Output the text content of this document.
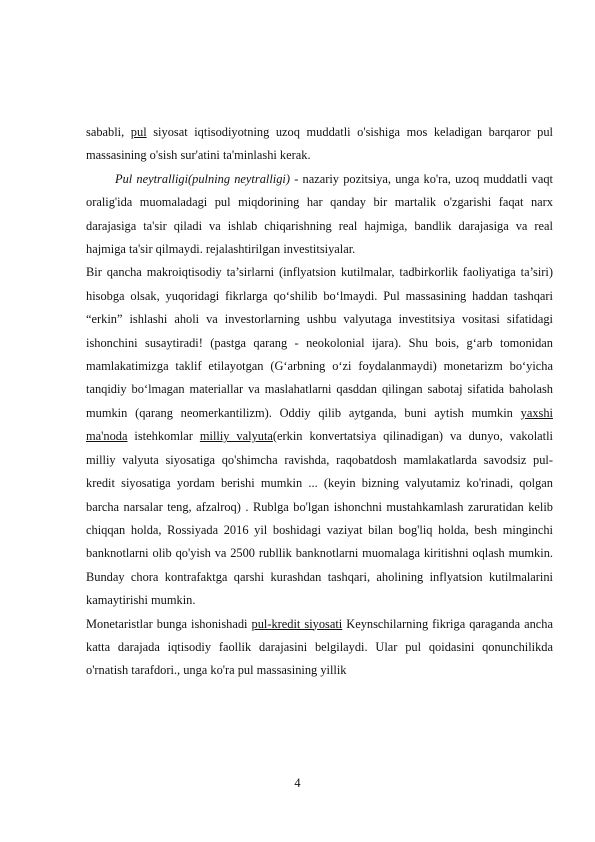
sababli, pul siyosat iqtisodiyotning uzoq muddatli o'sishiga mos keladigan barqaror pul massasining o'sish sur'atini ta'minlashi kerak.

Pul neytralligi(pulning neytralligi) - nazariy pozitsiya, unga ko'ra, uzoq muddatli vaqt oralig'ida muomaladagi pul miqdorining har qanday bir martalik o'zgarishi faqat narx darajasiga ta'sir qiladi va ishlab chiqarishning real hajmiga, bandlik darajasiga va real hajmiga ta'sir qilmaydi. rejalashtirilgan investitsiyalar.

Bir qancha makroiqtisodiy ta’sirlarni (inflyatsion kutilmalar, tadbirkorlik faoliyatiga ta’siri) hisobga olsak, yuqoridagi fikrlarga qo‘shilib bo‘lmaydi. Pul massasining haddan tashqari “erkin” ishlashi aholi va investorlarning ushbu valyutaga investitsiya vositasi sifatidagi ishonchini susaytiradi! (pastga qarang - neokolonial ijara). Shu bois, g‘arb tomonidan mamlakatimizga taklif etilayotgan (G‘arbning o‘zi foydalanmaydi) monetarizm bo‘yicha tanqidiy bo‘lmagan materiallar va maslahatlarni qasddan qilingan sabotaj sifatida baholash mumkin (qarang neomerkantilizm). Oddiy qilib aytganda, buni aytish mumkin yaxshi ma'noda istehkomlar milliy valyuta(erkin konvertatsiya qilinadigan) va dunyo, vakolatli milliy valyuta siyosatiga qo'shimcha ravishda, raqobatdosh mamlakatlarda savodsiz pul-kredit siyosatiga yordam berishi mumkin ... (keyin bizning valyutamiz ko'rinadi, qolgan barcha narsalar teng, afzalroq) . Rublga bo'lgan ishonchni mustahkamlash zaruratidan kelib chiqqan holda, Rossiyada 2016 yil boshidagi vaziyat bilan bog'liq holda, besh minginchi banknotlarni olib qo'yish va 2500 rubllik banknotlarni muomalaga kiritishni oqlash mumkin. Bunday chora kontrafaktga qarshi kurashdan tashqari, aholining inflyatsion kutilmalarini kamaytirishi mumkin.

Monetaristlar bunga ishonishadi pul-kredit siyosati Keynschilarning fikriga qaraganda ancha katta darajada iqtisodiy faollik darajasini belgilaydi. Ular pul qoidasini qonunchilikda o'rnatish tarafdori., unga ko'ra pul massasining yillik

4
